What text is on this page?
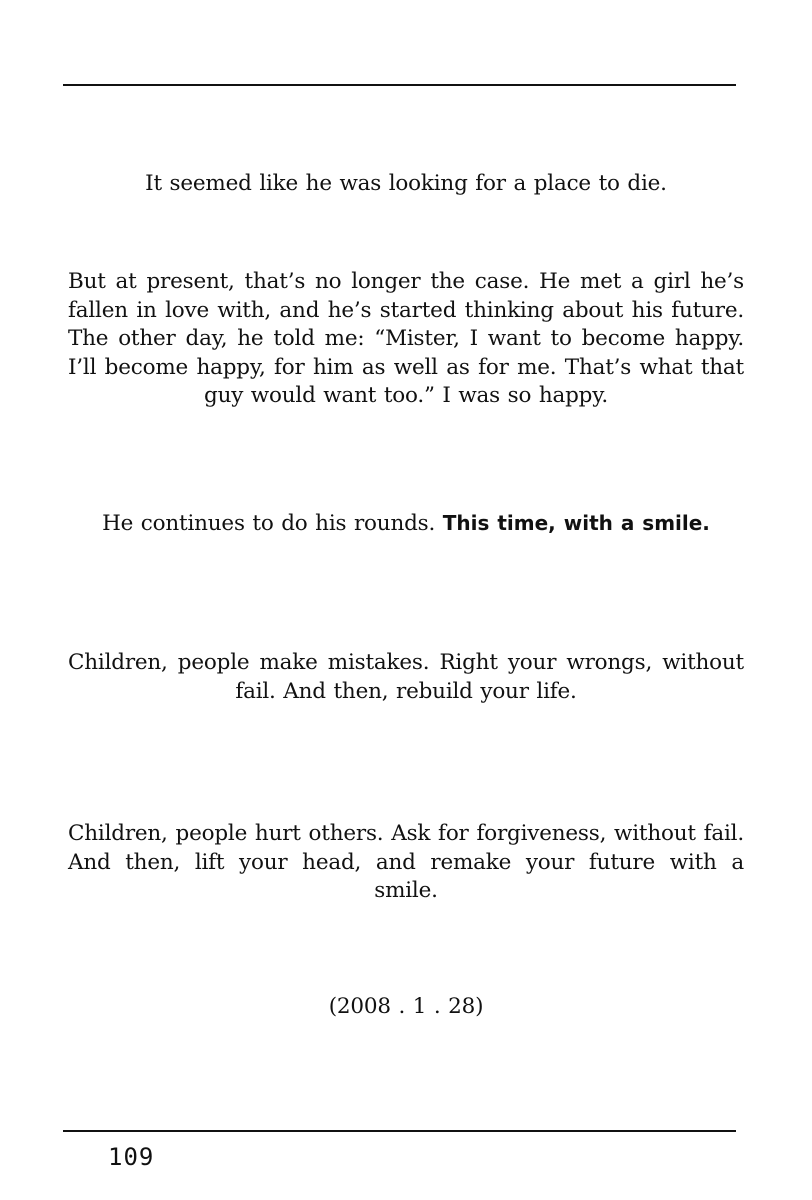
It seemed like he was looking for a place to die.

But at present, that’s no longer the case. He met a girl he’s fallen in love with, and he’s started thinking about his future. The other day, he told me: “Mister, I want to become happy. I’ll become happy, for him as well as for me. That’s what that guy would want too.” I was so happy.

He continues to do his rounds. This time, with a smile.

Children, people make mistakes. Right your wrongs, without fail. And then, rebuild your life.

Children, people hurt others. Ask for forgiveness, without fail. And then, lift your head, and remake your future with a smile.

(2008 . 1 . 28)

109
